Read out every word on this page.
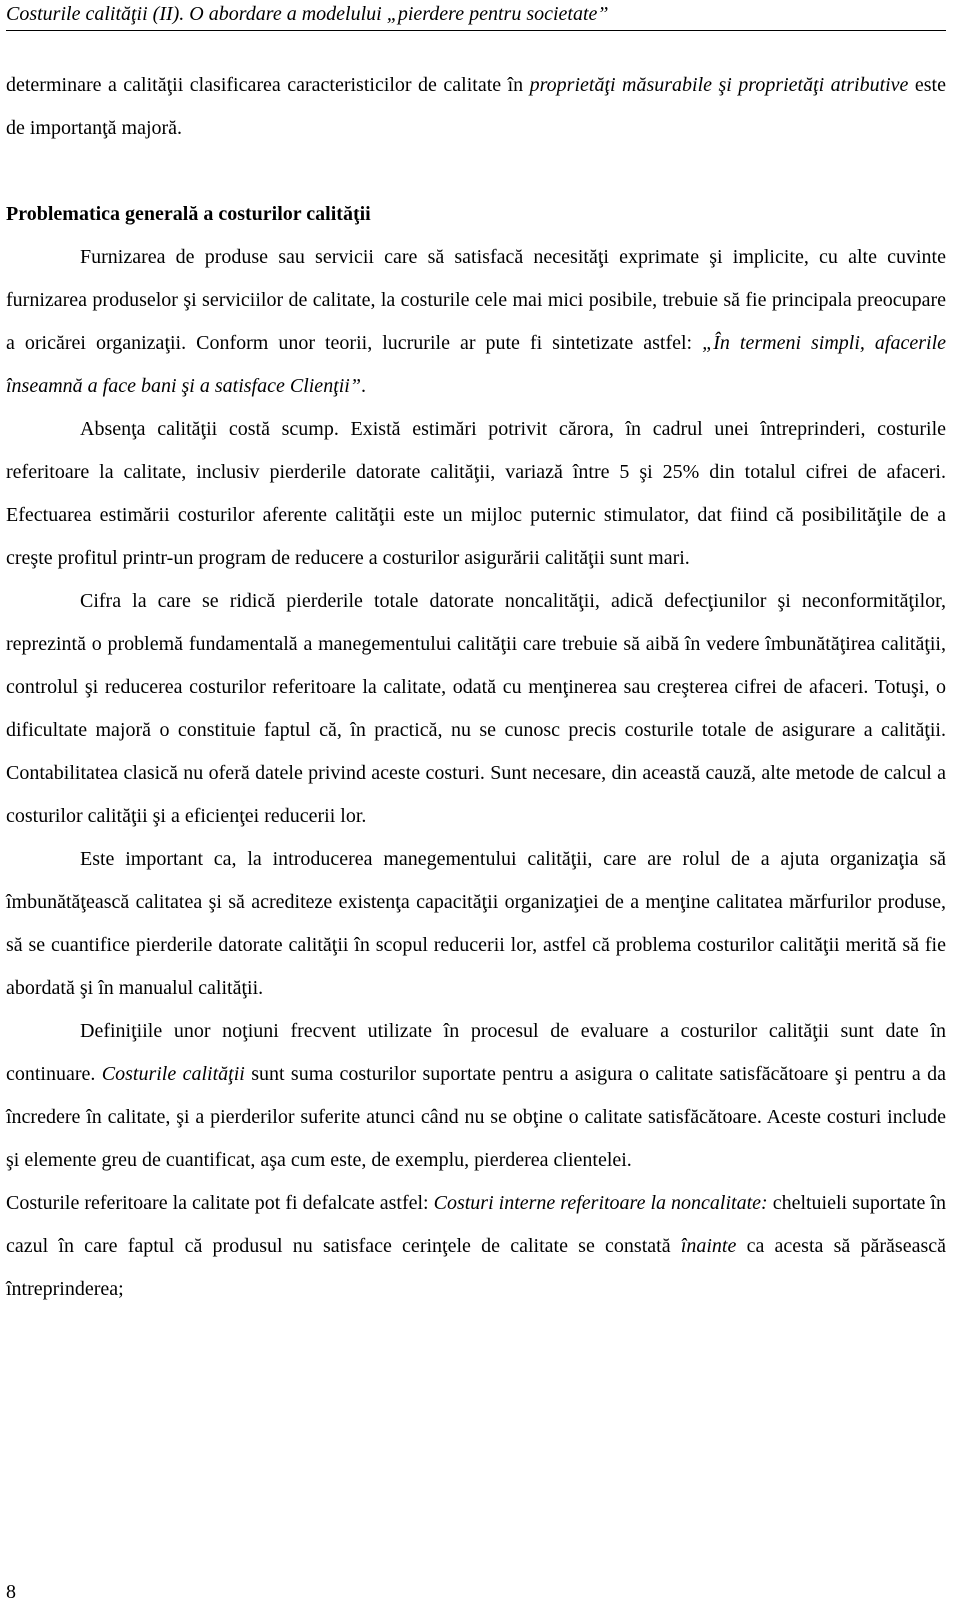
Costurile calităţii (II). O abordare a modelului „pierdere pentru societate”

determinare a calităţii clasificarea caracteristicilor de calitate în proprietăţi măsurabile şi proprietăţi atributive este de importanţă majoră.

Problematica generală a costurilor calităţii

Furnizarea de produse sau servicii care să satisfacă necesităţi exprimate şi implicite, cu alte cuvinte furnizarea produselor şi serviciilor de calitate, la costurile cele mai mici posibile, trebuie să fie principala preocupare a oricărei organizaţii. Conform unor teorii, lucrurile ar pute fi sintetizate astfel: „În termeni simpli, afacerile înseamnă a face bani şi a satisface Clienţii”.

Absenţa calităţii costă scump. Există estimări potrivit cărora, în cadrul unei întreprinderi, costurile referitoare la calitate, inclusiv pierderile datorate calităţii, variază între 5 şi 25% din totalul cifrei de afaceri. Efectuarea estimării costurilor aferente calităţii este un mijloc puternic stimulator, dat fiind că posibilităţile de a creşte profitul printr-un program de reducere a costurilor asigurării calităţii sunt mari.

Cifra la care se ridică pierderile totale datorate noncalităţii, adică defecţiunilor şi neconformităţilor, reprezintă o problemă fundamentală a manegementului calităţii care trebuie să aibă în vedere îmbunătăţirea calităţii, controlul şi reducerea costurilor referitoare la calitate, odată cu menţinerea sau creşterea cifrei de afaceri. Totuşi, o dificultate majoră o constituie faptul că, în practică, nu se cunosc precis costurile totale de asigurare a calităţii. Contabilitatea clasică nu oferă datele privind aceste costuri. Sunt necesare, din această cauză, alte metode de calcul a costurilor calităţii şi a eficienţei reducerii lor.

Este important ca, la introducerea manegementului calităţii, care are rolul de a ajuta organizaţia să îmbunătăţească calitatea şi să acrediteze existenţa capacităţii organizaţiei de a menţine calitatea mărfurilor produse, să se cuantifice pierderile datorate calităţii în scopul reducerii lor, astfel că problema costurilor calităţii merită să fie abordată şi în manualul calităţii.

Definiţiile unor noţiuni frecvent utilizate în procesul de evaluare a costurilor calităţii sunt date în continuare. Costurile calităţii sunt suma costurilor suportate pentru a asigura o calitate satisfăcătoare şi pentru a da încredere în calitate, şi a pierderilor suferite atunci când nu se obţine o calitate satisfăcătoare. Aceste costuri include şi elemente greu de cuantificat, aşa cum este, de exemplu, pierderea clientelei.

Costurile referitoare la calitate pot fi defalcate astfel: Costuri interne referitoare la noncalitate: cheltuieli suportate în cazul în care faptul că produsul nu satisface cerinţele de calitate se constată înainte ca acesta să părăsească întreprinderea;

8
